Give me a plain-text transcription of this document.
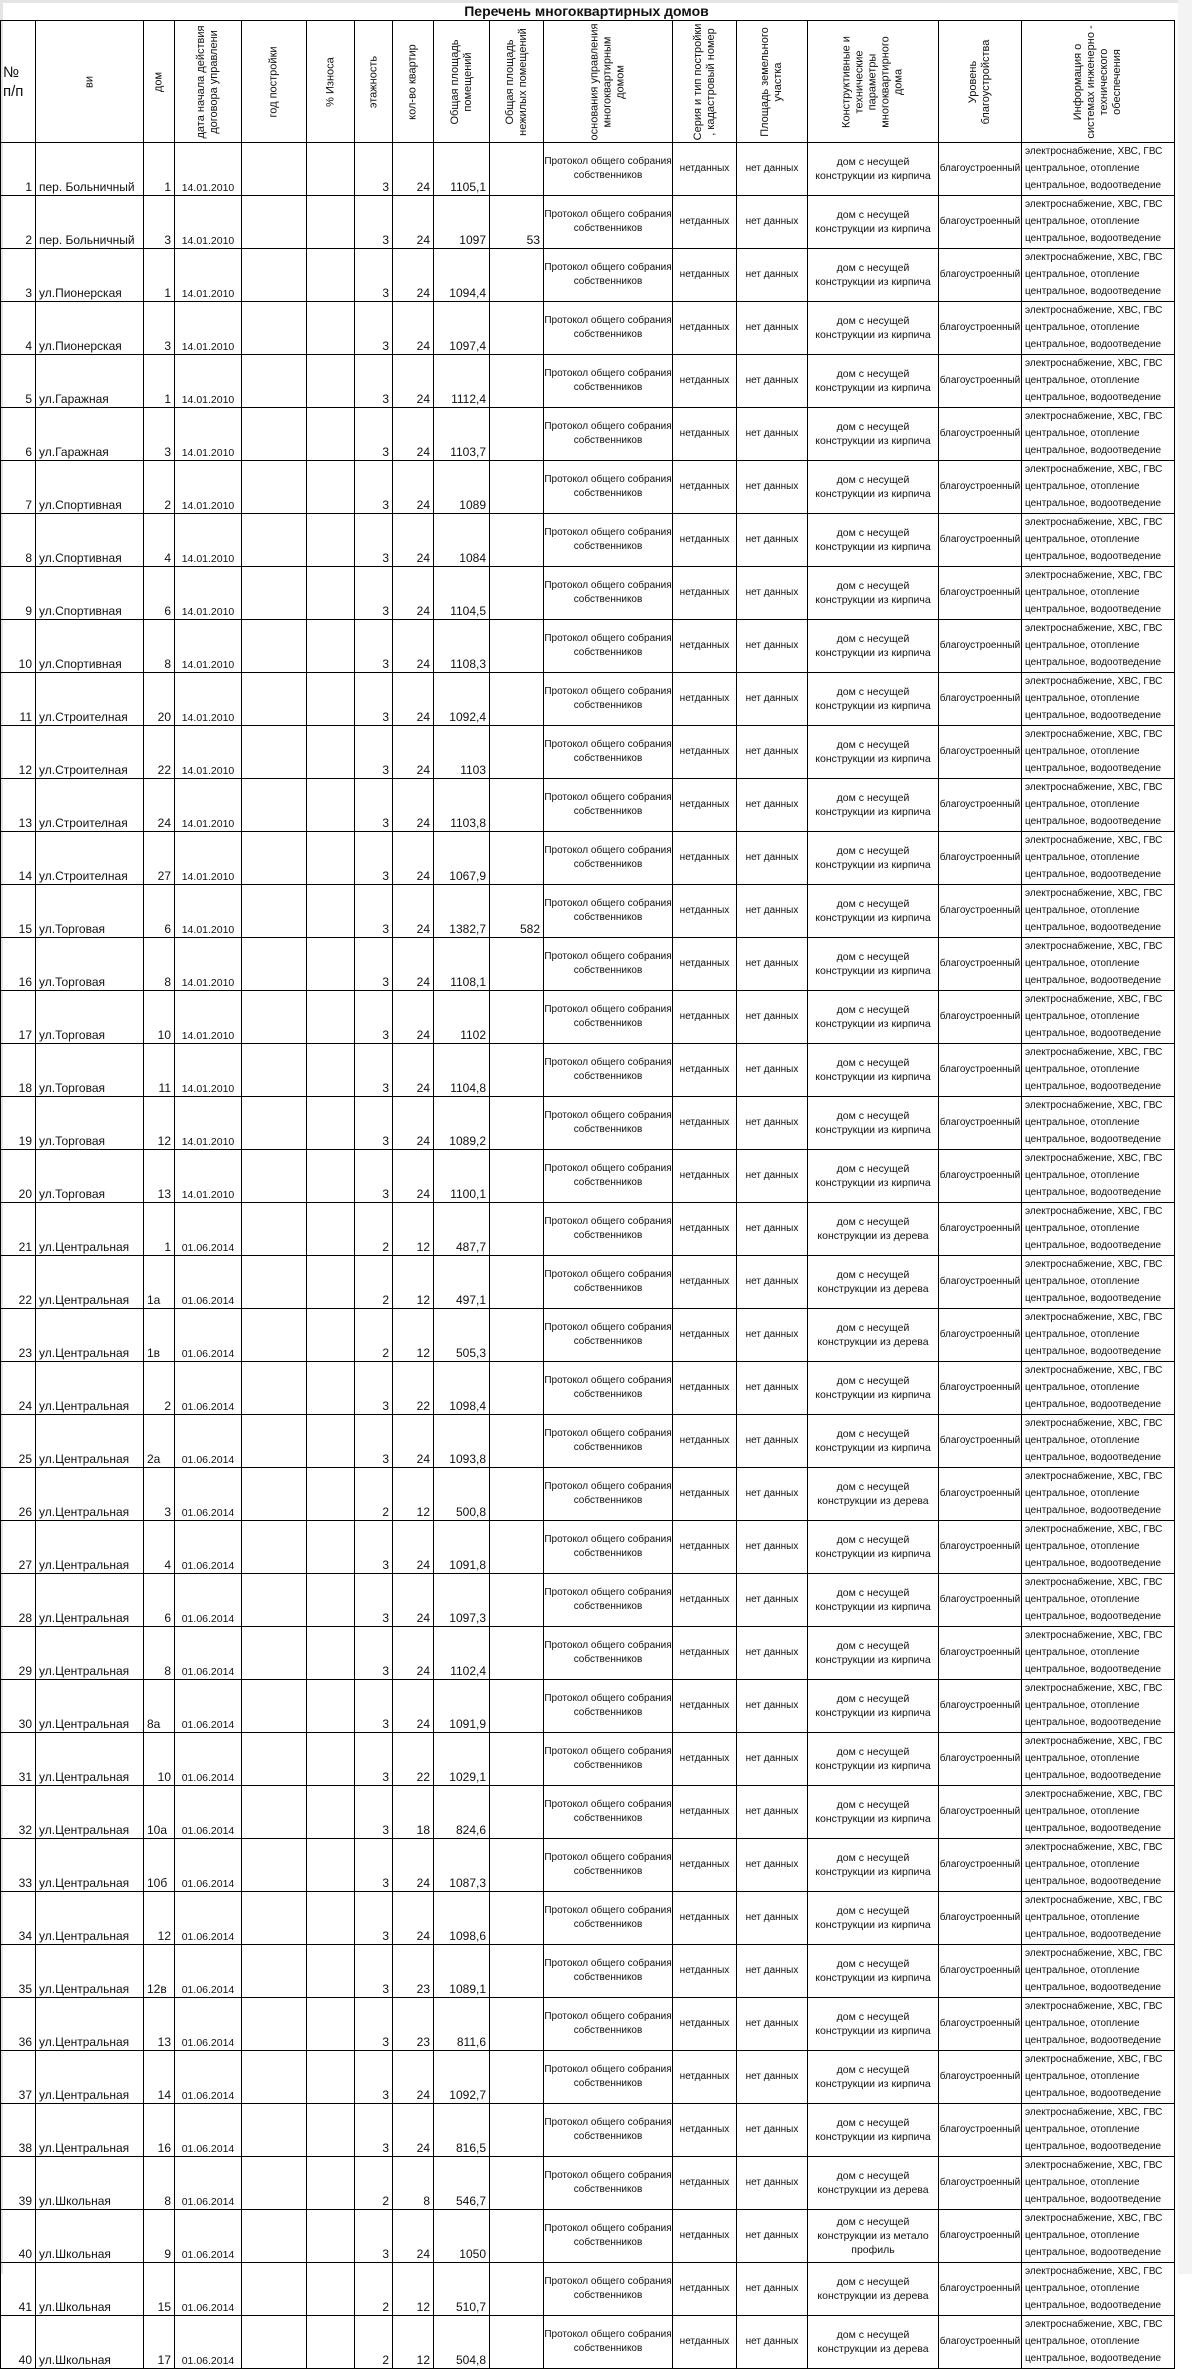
Перечень многоквартирных домов
№ п/п	ви	дом	дата начала действия договора управлени	год постройки	% Износа	этажность	кол-во квартир	Общая площадь помещений	Общая площадь нежилых помещений	основания управления многоквартирным домом	Серия и тип постройки , кадастровый номер	Площадь земельного участка	Конструктивные и технические параметры многоквартирного дома	Уровень благоустройства	Информация о системах инженерно - технического обеспечения

1	пер. Больничный	1	14.01.2010			3	24	1105,1		Протокол общего собрания собственников	нетданных	нет данных	дом с несущей конструкции из кирпича	благоустроенный	электроснабжение, ХВС, ГВС
центральное, отопление
центральное, водоотведение

2	пер. Больничный	3	14.01.2010			3	24	1097	53	Протокол общего собрания собственников	нетданных	нет данных	дом с несущей конструкции из кирпича	благоустроенный	электроснабжение, ХВС, ГВС
центральное, отопление
центральное, водоотведение

3	ул.Пионерская	1	14.01.2010			3	24	1094,4		Протокол общего собрания собственников	нетданных	нет данных	дом с несущей конструкции из кирпича	благоустроенный	электроснабжение, ХВС, ГВС
центральное, отопление
центральное, водоотведение

4	ул.Пионерская	3	14.01.2010			3	24	1097,4		Протокол общего собрания собственников	нетданных	нет данных	дом с несущей конструкции из кирпича	благоустроенный	электроснабжение, ХВС, ГВС
центральное, отопление
центральное, водоотведение

5	ул.Гаражная	1	14.01.2010			3	24	1112,4		Протокол общего собрания собственников	нетданных	нет данных	дом с несущей конструкции из кирпича	благоустроенный	электроснабжение, ХВС, ГВС
центральное, отопление
центральное, водоотведение

6	ул.Гаражная	3	14.01.2010			3	24	1103,7		Протокол общего собрания собственников	нетданных	нет данных	дом с несущей конструкции из кирпича	благоустроенный	электроснабжение, ХВС, ГВС
центральное, отопление
центральное, водоотведение

7	ул.Спортивная	2	14.01.2010			3	24	1089		Протокол общего собрания собственников	нетданных	нет данных	дом с несущей конструкции из кирпича	благоустроенный	электроснабжение, ХВС, ГВС
центральное, отопление
центральное, водоотведение

8	ул.Спортивная	4	14.01.2010			3	24	1084		Протокол общего собрания собственников	нетданных	нет данных	дом с несущей конструкции из кирпича	благоустроенный	электроснабжение, ХВС, ГВС
центральное, отопление
центральное, водоотведение

9	ул.Спортивная	6	14.01.2010			3	24	1104,5		Протокол общего собрания собственников	нетданных	нет данных	дом с несущей конструкции из кирпича	благоустроенный	электроснабжение, ХВС, ГВС
центральное, отопление
центральное, водоотведение

10	ул.Спортивная	8	14.01.2010			3	24	1108,3		Протокол общего собрания собственников	нетданных	нет данных	дом с несущей конструкции из кирпича	благоустроенный	электроснабжение, ХВС, ГВС
центральное, отопление
центральное, водоотведение

11	ул.Строителная	20	14.01.2010			3	24	1092,4		Протокол общего собрания собственников	нетданных	нет данных	дом с несущей конструкции из кирпича	благоустроенный	электроснабжение, ХВС, ГВС
центральное, отопление
центральное, водоотведение

12	ул.Строителная	22	14.01.2010			3	24	1103		Протокол общего собрания собственников	нетданных	нет данных	дом с несущей конструкции из кирпича	благоустроенный	электроснабжение, ХВС, ГВС
центральное, отопление
центральное, водоотведение

13	ул.Строителная	24	14.01.2010			3	24	1103,8		Протокол общего собрания собственников	нетданных	нет данных	дом с несущей конструкции из кирпича	благоустроенный	электроснабжение, ХВС, ГВС
центральное, отопление
центральное, водоотведение

14	ул.Строителная	27	14.01.2010			3	24	1067,9		Протокол общего собрания собственников	нетданных	нет данных	дом с несущей конструкции из кирпича	благоустроенный	электроснабжение, ХВС, ГВС
центральное, отопление
центральное, водоотведение

15	ул.Торговая	6	14.01.2010			3	24	1382,7	582	Протокол общего собрания собственников	нетданных	нет данных	дом с несущей конструкции из кирпича	благоустроенный	электроснабжение, ХВС, ГВС
центральное, отопление
центральное, водоотведение

16	ул.Торговая	8	14.01.2010			3	24	1108,1		Протокол общего собрания собственников	нетданных	нет данных	дом с несущей конструкции из кирпича	благоустроенный	электроснабжение, ХВС, ГВС
центральное, отопление
центральное, водоотведение

17	ул.Торговая	10	14.01.2010			3	24	1102		Протокол общего собрания собственников	нетданных	нет данных	дом с несущей конструкции из кирпича	благоустроенный	электроснабжение, ХВС, ГВС
центральное, отопление
центральное, водоотведение

18	ул.Торговая	11	14.01.2010			3	24	1104,8		Протокол общего собрания собственников	нетданных	нет данных	дом с несущей конструкции из кирпича	благоустроенный	электроснабжение, ХВС, ГВС
центральное, отопление
центральное, водоотведение

19	ул.Торговая	12	14.01.2010			3	24	1089,2		Протокол общего собрания собственников	нетданных	нет данных	дом с несущей конструкции из кирпича	благоустроенный	электроснабжение, ХВС, ГВС
центральное, отопление
центральное, водоотведение

20	ул.Торговая	13	14.01.2010			3	24	1100,1		Протокол общего собрания собственников	нетданных	нет данных	дом с несущей конструкции из кирпича	благоустроенный	электроснабжение, ХВС, ГВС
центральное, отопление
центральное, водоотведение

21	ул.Центральная	1	01.06.2014			2	12	487,7		Протокол общего собрания собственников	нетданных	нет данных	дом с несущей конструкции из дерева	благоустроенный	электроснабжение, ХВС, ГВС
центральное, отопление
центральное, водоотведение

22	ул.Центральная	1а	01.06.2014			2	12	497,1		Протокол общего собрания собственников	нетданных	нет данных	дом с несущей конструкции из дерева	благоустроенный	электроснабжение, ХВС, ГВС
центральное, отопление
центральное, водоотведение

23	ул.Центральная	1в	01.06.2014			2	12	505,3		Протокол общего собрания собственников	нетданных	нет данных	дом с несущей конструкции из дерева	благоустроенный	электроснабжение, ХВС, ГВС
центральное, отопление
центральное, водоотведение

24	ул.Центральная	2	01.06.2014			3	22	1098,4		Протокол общего собрания собственников	нетданных	нет данных	дом с несущей конструкции из кирпича	благоустроенный	электроснабжение, ХВС, ГВС
центральное, отопление
центральное, водоотведение

25	ул.Центральная	2а	01.06.2014			3	24	1093,8		Протокол общего собрания собственников	нетданных	нет данных	дом с несущей конструкции из кирпича	благоустроенный	электроснабжение, ХВС, ГВС
центральное, отопление
центральное, водоотведение

26	ул.Центральная	3	01.06.2014			2	12	500,8		Протокол общего собрания собственников	нетданных	нет данных	дом с несущей конструкции из дерева	благоустроенный	электроснабжение, ХВС, ГВС
центральное, отопление
центральное, водоотведение

27	ул.Центральная	4	01.06.2014			3	24	1091,8		Протокол общего собрания собственников	нетданных	нет данных	дом с несущей конструкции из кирпича	благоустроенный	электроснабжение, ХВС, ГВС
центральное, отопление
центральное, водоотведение

28	ул.Центральная	6	01.06.2014			3	24	1097,3		Протокол общего собрания собственников	нетданных	нет данных	дом с несущей конструкции из кирпича	благоустроенный	электроснабжение, ХВС, ГВС
центральное, отопление
центральное, водоотведение

29	ул.Центральная	8	01.06.2014			3	24	1102,4		Протокол общего собрания собственников	нетданных	нет данных	дом с несущей конструкции из кирпича	благоустроенный	электроснабжение, ХВС, ГВС
центральное, отопление
центральное, водоотведение

30	ул.Центральная	8а	01.06.2014			3	24	1091,9		Протокол общего собрания собственников	нетданных	нет данных	дом с несущей конструкции из кирпича	благоустроенный	электроснабжение, ХВС, ГВС
центральное, отопление
центральное, водоотведение

31	ул.Центральная	10	01.06.2014			3	22	1029,1		Протокол общего собрания собственников	нетданных	нет данных	дом с несущей конструкции из кирпича	благоустроенный	электроснабжение, ХВС, ГВС
центральное, отопление
центральное, водоотведение

32	ул.Центральная	10а	01.06.2014			3	18	824,6		Протокол общего собрания собственников	нетданных	нет данных	дом с несущей конструкции из кирпича	благоустроенный	электроснабжение, ХВС, ГВС
центральное, отопление
центральное, водоотведение

33	ул.Центральная	10б	01.06.2014			3	24	1087,3		Протокол общего собрания собственников	нетданных	нет данных	дом с несущей конструкции из кирпича	благоустроенный	электроснабжение, ХВС, ГВС
центральное, отопление
центральное, водоотведение

34	ул.Центральная	12	01.06.2014			3	24	1098,6		Протокол общего собрания собственников	нетданных	нет данных	дом с несущей конструкции из кирпича	благоустроенный	электроснабжение, ХВС, ГВС
центральное, отопление
центральное, водоотведение

35	ул.Центральная	12в	01.06.2014			3	23	1089,1		Протокол общего собрания собственников	нетданных	нет данных	дом с несущей конструкции из кирпича	благоустроенный	электроснабжение, ХВС, ГВС
центральное, отопление
центральное, водоотведение

36	ул.Центральная	13	01.06.2014			3	23	811,6		Протокол общего собрания собственников	нетданных	нет данных	дом с несущей конструкции из кирпича	благоустроенный	электроснабжение, ХВС, ГВС
центральное, отопление
центральное, водоотведение

37	ул.Центральная	14	01.06.2014			3	24	1092,7		Протокол общего собрания собственников	нетданных	нет данных	дом с несущей конструкции из кирпича	благоустроенный	электроснабжение, ХВС, ГВС
центральное, отопление
центральное, водоотведение

38	ул.Центральная	16	01.06.2014			3	24	816,5		Протокол общего собрания собственников	нетданных	нет данных	дом с несущей конструкции из кирпича	благоустроенный	электроснабжение, ХВС, ГВС
центральное, отопление
центральное, водоотведение

39	ул.Школьная	8	01.06.2014			2	8	546,7		Протокол общего собрания собственников	нетданных	нет данных	дом с несущей конструкции из дерева	благоустроенный	электроснабжение, ХВС, ГВС
центральное, отопление
центральное, водоотведение

40	ул.Школьная	9	01.06.2014			3	24	1050		Протокол общего собрания собственников	нетданных	нет данных	дом с несущей конструкции из метало профиль	благоустроенный	электроснабжение, ХВС, ГВС
центральное, отопление
центральное, водоотведение

41	ул.Школьная	15	01.06.2014			2	12	510,7		Протокол общего собрания собственников	нетданных	нет данных	дом с несущей конструкции из дерева	благоустроенный	электроснабжение, ХВС, ГВС
центральное, отопление
центральное, водоотведение

40	ул.Школьная	17	01.06.2014			2	12	504,8		Протокол общего собрания собственников	нетданных	нет данных	дом с несущей конструкции из дерева	благоустроенный	электроснабжение, ХВС, ГВС
центральное, отопление
центральное, водоотведение
